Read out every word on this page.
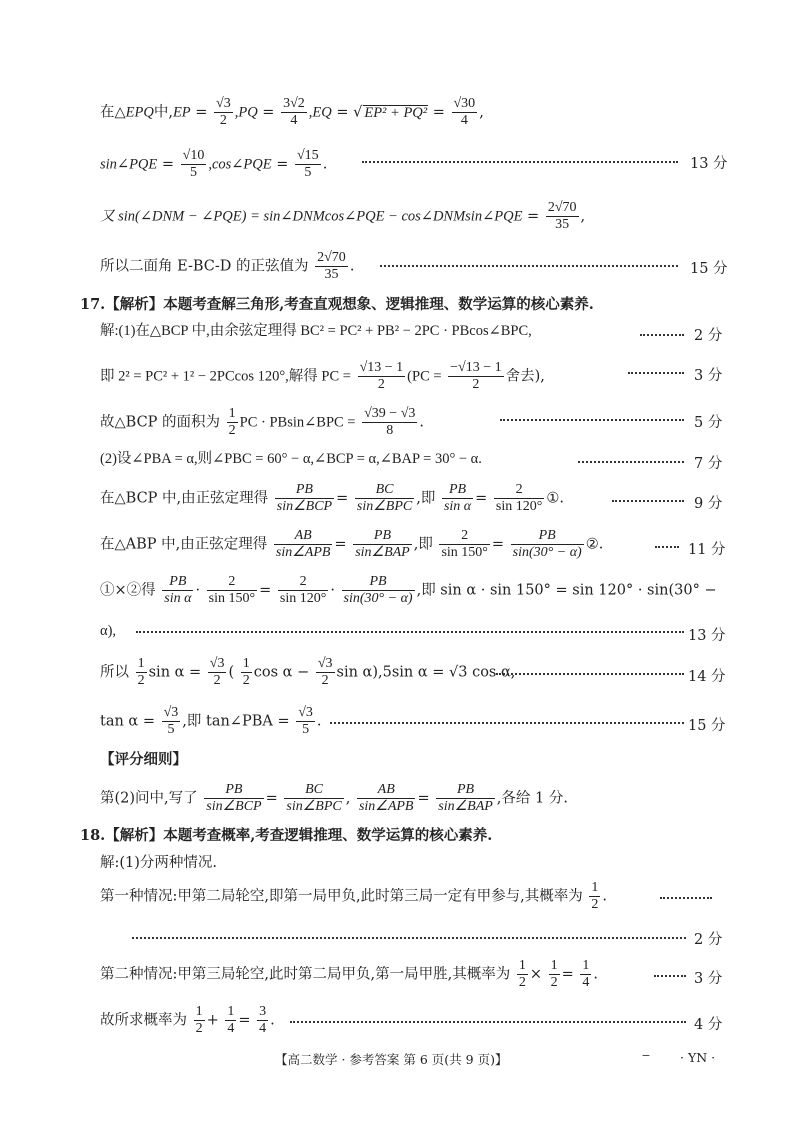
在△EPQ中$,EP = \frac{√3}{2} ,PQ = \frac{3√2}{4} ,EQ$ = √ $EP^2 + PQ^2 = \frac{√30}{4}$ ,
sin∠PQE = $\frac{√10}{5}$ ,cos∠PQE = $\frac{√15}{5}$ .	13 分
又 sin(∠DNM − ∠PQE) = sin∠DNMcos∠PQE − cos∠DNMsin∠PQE = $\frac{2√70}{35}$ ,
所以二面角 E-BC-D 的正弦值为 $\frac{2√70}{35}$ .	15 分
17.【解析】本题考查解三角形,考查直观想象、逻辑推理、数学运算的核心素养.
解:(1)在△BCP 中,由余弦定理得 BC² = PC² + PB² − 2PC · PBcos∠BPC,	2 分
即 2² = PC² + 1² − 2PCcos 120°,解得 PC = $\frac{√13 - 1}{2} (PC = \frac{-√13 - 1}{2}$ 舍去),	3 分
故△BCP 的面积为 $\frac{1}{2}$ PC · PBsin∠BPC = $\frac{√39 - √3}{8}$ .	5 分
(2)设∠PBA = α,则∠PBC = 60° − α,∠BCP = α,∠BAP = 30° − α.	7 分
在△BCP 中,由正弦定理得
PB
sin∠BCP =
BC
sin∠BPC ,即 $\frac{PB}{\text{sin α}} = \frac{2}{\sin 120^\circ}$ ①.	9 分
在△ABP 中,由正弦定理得
AB
sin∠APB =
PB
sin∠BAP ,即 $\frac{2}{\sin 150^\circ} = \frac{PB}{\sin(30^\circ - \alpha)}$ ②.	11 分
①×②得 $\frac{PB}{\text{sin α}} \cdot \frac{2}{\sin 150^\circ} = \frac{2}{\sin 120^\circ} \cdot \frac{PB}{\sin(30^\circ - \alpha)}$ ,即 sin α · sin 150° = sin 120° · sin(30° −
α),	13 分
所以 $\frac{1}{2}$ $\sin \alpha = \frac{√3}{2}$ ( $\frac{1}{2}$ $\cos \alpha - \frac{√3}{2}$ sin α),5sin α = √3 cos α,	14 分
$\tan \alpha = \frac{√3}{5}$ ,即 tan∠PBA = $\frac{√3}{5}$ .	15 分
【评分细则】
第(2)问中,写了
PB
sin∠BCP =
BC
sin∠BPC ,
AB
sin∠APB =
PB
sin∠BAP ,各给 1 分.
18.【解析】本题考查概率,考查逻辑推理、数学运算的核心素养.
解:(1)分两种情况.
第一种情况:甲第二局轮空,即第一局甲负,此时第三局一定有甲参与,其概率为 $\frac{1}{2}$ .
2 分
第二种情况:甲第三局轮空,此时第二局甲负,第一局甲胜,其概率为 $\frac{1}{2} \times \frac{1}{2} = \frac{1}{4}$ .	3 分
故所求概率为 $\frac{1}{2} + \frac{1}{4} = \frac{3}{4}$ .	4 分
【高二数学 · 参考答案 第 6 页(共 9 页)】	‒ · YN ·
